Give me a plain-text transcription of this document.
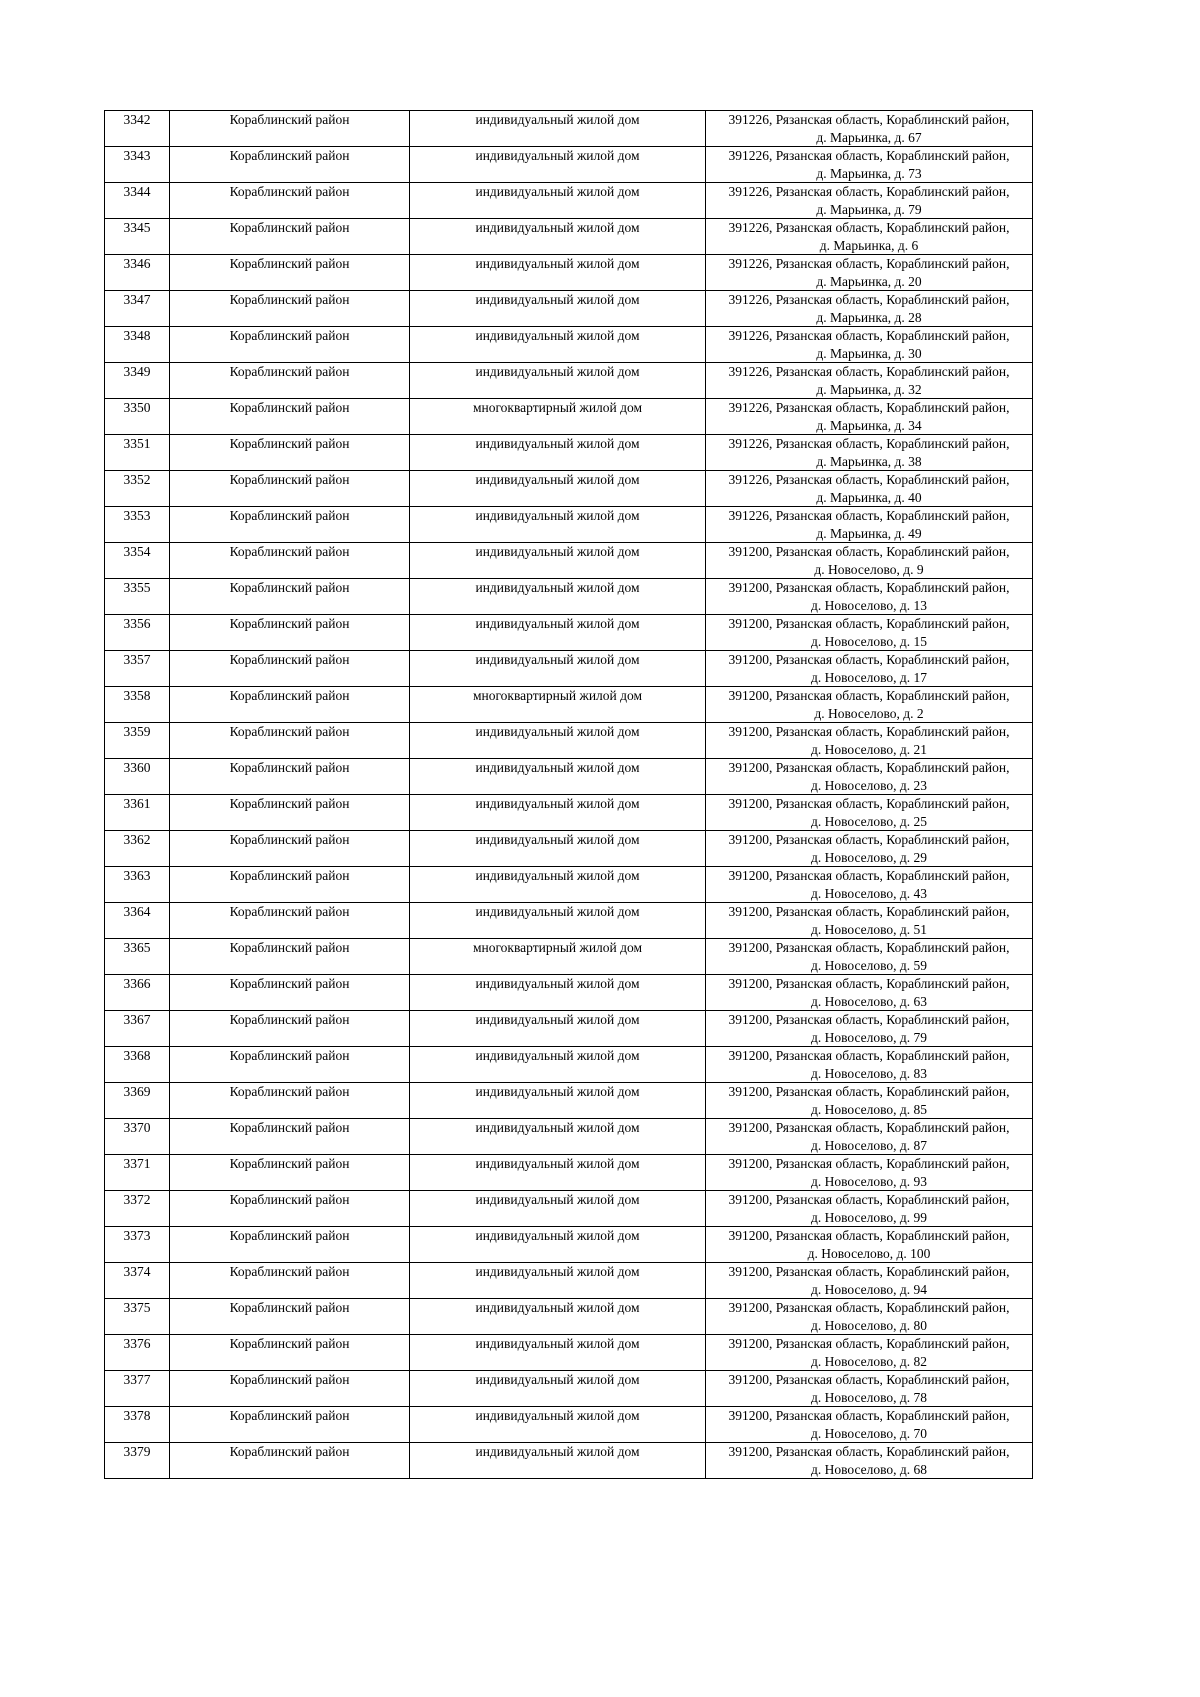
3342	Кораблинский район	индивидуальный жилой дом	391226, Рязанская область, Кораблинский район,
д. Марьинка, д. 67

3343	Кораблинский район	индивидуальный жилой дом	391226, Рязанская область, Кораблинский район,
д. Марьинка, д. 73

3344	Кораблинский район	индивидуальный жилой дом	391226, Рязанская область, Кораблинский район,
д. Марьинка, д. 79

3345	Кораблинский район	индивидуальный жилой дом	391226, Рязанская область, Кораблинский район,
д. Марьинка, д. 6

3346	Кораблинский район	индивидуальный жилой дом	391226, Рязанская область, Кораблинский район,
д. Марьинка, д. 20

3347	Кораблинский район	индивидуальный жилой дом	391226, Рязанская область, Кораблинский район,
д. Марьинка, д. 28

3348	Кораблинский район	индивидуальный жилой дом	391226, Рязанская область, Кораблинский район,
д. Марьинка, д. 30

3349	Кораблинский район	индивидуальный жилой дом	391226, Рязанская область, Кораблинский район,
д. Марьинка, д. 32

3350	Кораблинский район	многоквартирный жилой дом	391226, Рязанская область, Кораблинский район,
д. Марьинка, д. 34

3351	Кораблинский район	индивидуальный жилой дом	391226, Рязанская область, Кораблинский район,
д. Марьинка, д. 38

3352	Кораблинский район	индивидуальный жилой дом	391226, Рязанская область, Кораблинский район,
д. Марьинка, д. 40

3353	Кораблинский район	индивидуальный жилой дом	391226, Рязанская область, Кораблинский район,
д. Марьинка, д. 49

3354	Кораблинский район	индивидуальный жилой дом	391200, Рязанская область, Кораблинский район,
д. Новоселово, д. 9

3355	Кораблинский район	индивидуальный жилой дом	391200, Рязанская область, Кораблинский район,
д. Новоселово, д. 13

3356	Кораблинский район	индивидуальный жилой дом	391200, Рязанская область, Кораблинский район,
д. Новоселово, д. 15

3357	Кораблинский район	индивидуальный жилой дом	391200, Рязанская область, Кораблинский район,
д. Новоселово, д. 17

3358	Кораблинский район	многоквартирный жилой дом	391200, Рязанская область, Кораблинский район,
д. Новоселово, д. 2

3359	Кораблинский район	индивидуальный жилой дом	391200, Рязанская область, Кораблинский район,
д. Новоселово, д. 21

3360	Кораблинский район	индивидуальный жилой дом	391200, Рязанская область, Кораблинский район,
д. Новоселово, д. 23

3361	Кораблинский район	индивидуальный жилой дом	391200, Рязанская область, Кораблинский район,
д. Новоселово, д. 25

3362	Кораблинский район	индивидуальный жилой дом	391200, Рязанская область, Кораблинский район,
д. Новоселово, д. 29

3363	Кораблинский район	индивидуальный жилой дом	391200, Рязанская область, Кораблинский район,
д. Новоселово, д. 43

3364	Кораблинский район	индивидуальный жилой дом	391200, Рязанская область, Кораблинский район,
д. Новоселово, д. 51

3365	Кораблинский район	многоквартирный жилой дом	391200, Рязанская область, Кораблинский район,
д. Новоселово, д. 59

3366	Кораблинский район	индивидуальный жилой дом	391200, Рязанская область, Кораблинский район,
д. Новоселово, д. 63

3367	Кораблинский район	индивидуальный жилой дом	391200, Рязанская область, Кораблинский район,
д. Новоселово, д. 79

3368	Кораблинский район	индивидуальный жилой дом	391200, Рязанская область, Кораблинский район,
д. Новоселово, д. 83

3369	Кораблинский район	индивидуальный жилой дом	391200, Рязанская область, Кораблинский район,
д. Новоселово, д. 85

3370	Кораблинский район	индивидуальный жилой дом	391200, Рязанская область, Кораблинский район,
д. Новоселово, д. 87

3371	Кораблинский район	индивидуальный жилой дом	391200, Рязанская область, Кораблинский район,
д. Новоселово, д. 93

3372	Кораблинский район	индивидуальный жилой дом	391200, Рязанская область, Кораблинский район,
д. Новоселово, д. 99

3373	Кораблинский район	индивидуальный жилой дом	391200, Рязанская область, Кораблинский район,
д. Новоселово, д. 100

3374	Кораблинский район	индивидуальный жилой дом	391200, Рязанская область, Кораблинский район,
д. Новоселово, д. 94

3375	Кораблинский район	индивидуальный жилой дом	391200, Рязанская область, Кораблинский район,
д. Новоселово, д. 80

3376	Кораблинский район	индивидуальный жилой дом	391200, Рязанская область, Кораблинский район,
д. Новоселово, д. 82

3377	Кораблинский район	индивидуальный жилой дом	391200, Рязанская область, Кораблинский район,
д. Новоселово, д. 78

3378	Кораблинский район	индивидуальный жилой дом	391200, Рязанская область, Кораблинский район,
д. Новоселово, д. 70

3379	Кораблинский район	индивидуальный жилой дом	391200, Рязанская область, Кораблинский район,
д. Новоселово, д. 68
